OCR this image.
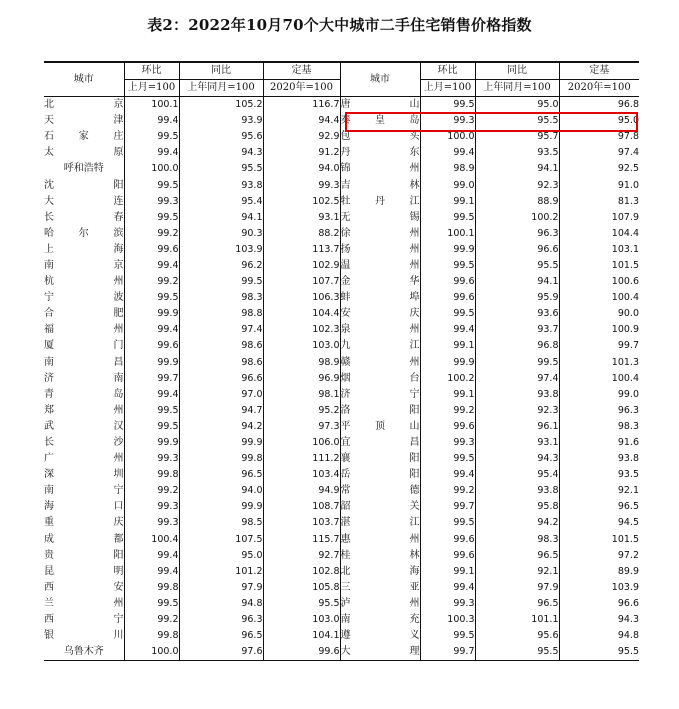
表2：2022年10月70个大中城市二手住宅销售价格指数
城市	环比	同比	定基	城市	环比	同比	定基
	上月=100	上年同月=100	2020年=100		上月=100	上年同月=100	2020年=100
北京	100.1	105.2	116.7	唐山	99.5	95.0	96.8
天津	99.4	93.9	94.4	秦皇岛	99.3	95.5	95.0
石家庄	99.5	95.6	92.9	包头	100.0	95.7	97.8
太原	99.4	94.3	91.2	丹东	99.4	93.5	97.4
呼和浩特	100.0	95.5	94.0	锦州	98.9	94.1	92.5
沈阳	99.5	93.8	99.3	吉林	99.0	92.3	91.0
大连	99.3	95.4	102.5	牡丹江	99.1	88.9	81.3
长春	99.5	94.1	93.1	无锡	99.5	100.2	107.9
哈尔滨	99.2	90.3	88.2	徐州	100.1	96.3	104.4
上海	99.6	103.9	113.7	扬州	99.9	96.6	103.1
南京	99.4	96.2	102.9	温州	99.5	95.5	101.5
杭州	99.2	99.5	107.7	金华	99.6	94.1	100.6
宁波	99.5	98.3	106.3	蚌埠	99.6	95.9	100.4
合肥	99.9	98.8	104.4	安庆	99.5	93.6	90.0
福州	99.4	97.4	102.3	泉州	99.4	93.7	100.9
厦门	99.6	98.6	103.0	九江	99.1	96.8	99.7
南昌	99.9	98.6	98.9	赣州	99.9	99.5	101.3
济南	99.7	96.6	96.9	烟台	100.2	97.4	100.4
青岛	99.4	97.0	98.1	济宁	99.1	93.8	99.0
郑州	99.5	94.7	95.2	洛阳	99.2	92.3	96.3
武汉	99.5	94.2	97.3	平顶山	99.6	96.1	98.3
长沙	99.9	99.9	106.0	宜昌	99.3	93.1	91.6
广州	99.3	99.8	111.2	襄阳	99.5	94.3	93.8
深圳	99.8	96.5	103.4	岳阳	99.4	95.4	93.5
南宁	99.2	94.0	94.9	常德	99.2	93.8	92.1
海口	99.3	99.9	108.7	韶关	99.7	95.8	96.5
重庆	99.3	98.5	103.7	湛江	99.5	94.2	94.5
成都	100.4	107.5	115.7	惠州	99.6	98.3	101.5
贵阳	99.4	95.0	92.7	桂林	99.6	96.5	97.2
昆明	99.4	101.2	102.8	北海	99.1	92.1	89.9
西安	99.8	97.9	105.8	三亚	99.4	97.9	103.9
兰州	99.5	94.8	95.5	泸州	99.3	96.5	96.6
西宁	99.2	96.3	103.0	南充	100.3	101.1	94.3
银川	99.8	96.5	104.1	遵义	99.5	95.6	94.8
乌鲁木齐	100.0	97.6	99.6	大理	99.7	95.5	95.5
